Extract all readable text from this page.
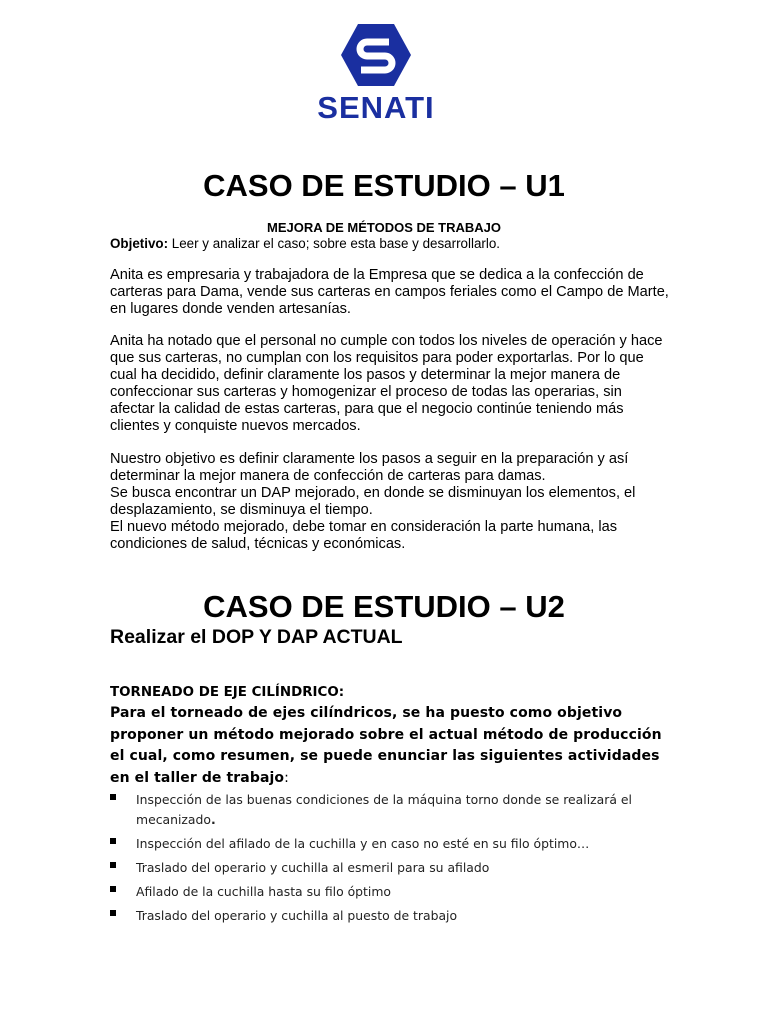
SENATI
CASO DE ESTUDIO – U1
MEJORA DE MÉTODOS DE TRABAJO
Objetivo: Leer y analizar el caso; sobre esta base y desarrollarlo.

Anita es empresaria y trabajadora de la Empresa que se dedica a la confección de carteras para Dama, vende sus carteras en campos feriales como el Campo de Marte, en lugares donde venden artesanías.

Anita ha notado que el personal no cumple con todos los niveles de operación y hace que sus carteras, no cumplan con los requisitos para poder exportarlas. Por lo que cual ha decidido, definir claramente los pasos y determinar la mejor manera de confeccionar sus carteras y homogenizar el proceso de todas las operarias, sin afectar la calidad de estas carteras, para que el negocio continúe teniendo más clientes y conquiste nuevos mercados.

Nuestro objetivo es definir claramente los pasos a seguir en la preparación y así determinar la mejor manera de confección de carteras para damas.

Se busca encontrar un DAP mejorado, en donde se disminuyan los elementos, el desplazamiento, se disminuya el tiempo.

El nuevo método mejorado, debe tomar en consideración la parte humana, las condiciones de salud, técnicas y económicas.

CASO DE ESTUDIO – U2
Realizar el DOP Y DAP ACTUAL
TORNEADO DE EJE CILÍNDRICO:

Para el torneado de ejes cilíndricos, se ha puesto como objetivo proponer un método mejorado sobre el actual método de producción el cual, como resumen, se puede enunciar las siguientes actividades en el taller de trabajo:

Inspección de las buenas condiciones de la máquina torno donde se realizará el mecanizado.
Inspección del afilado de la cuchilla y en caso no esté en su filo óptimo…
Traslado del operario y cuchilla al esmeril para su afilado
Afilado de la cuchilla hasta su filo óptimo
Traslado del operario y cuchilla al puesto de trabajo
